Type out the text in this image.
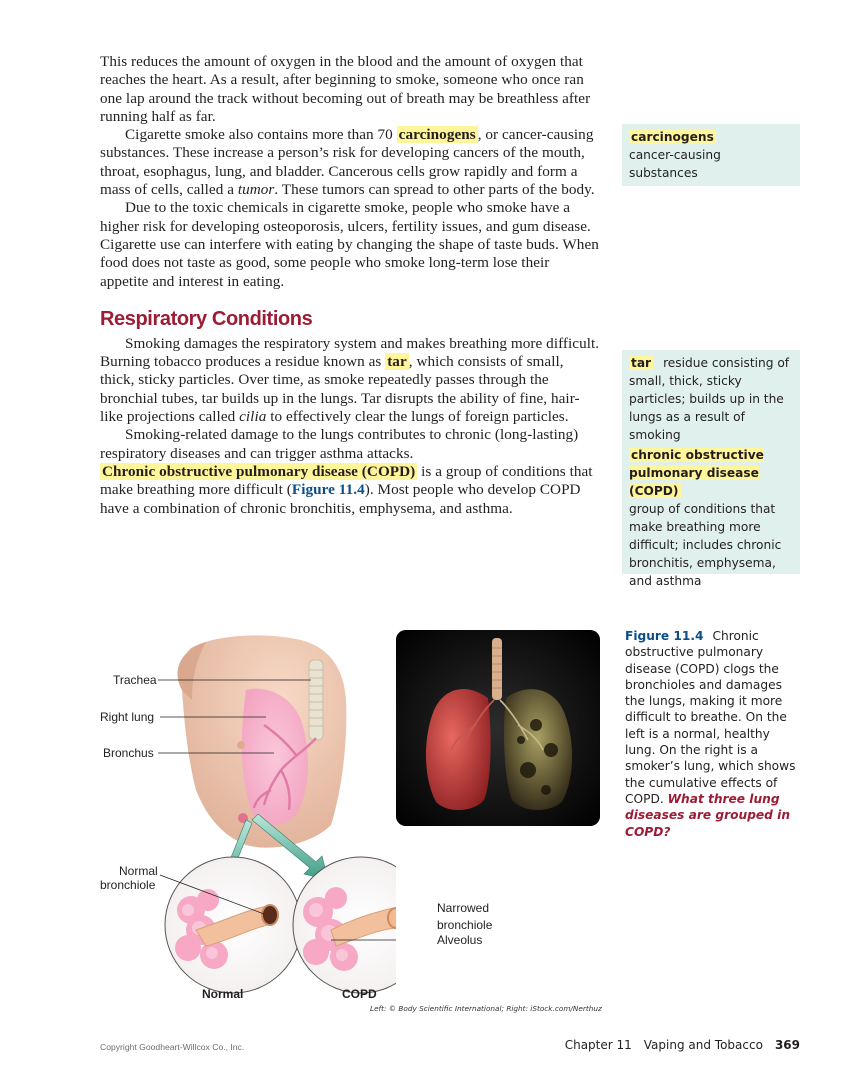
This reduces the amount of oxygen in the blood and the amount of oxygen that reaches the heart. As a result, after beginning to smoke, someone who once ran one lap around the track without becoming out of breath may be breathless after running half as far.

Cigarette smoke also contains more than 70 carcinogens , or cancer-causing substances. These increase a person’s risk for developing cancers of the mouth, throat, esophagus, lung, and bladder. Cancerous cells grow rapidly and form a mass of cells, called a tumor. These tumors can spread to other parts of the body.

Due to the toxic chemicals in cigarette smoke, people who smoke have a higher risk for developing osteoporosis, ulcers, fertility issues, and gum disease. Cigarette use can interfere with eating by changing the shape of taste buds. When food does not taste as good, some people who smoke long-term lose their appetite and interest in eating.

Respiratory Conditions

Smoking damages the respiratory system and makes breathing more difficult. Burning tobacco produces a residue known as tar , which consists of small, thick, sticky particles. Over time, as smoke repeatedly passes through the bronchial tubes, tar builds up in the lungs. Tar disrupts the ability of fine, hair-like projections called cilia to effectively clear the lungs of foreign particles.

Smoking-related damage to the lungs contributes to chronic (long-lasting) respiratory diseases and can trigger asthma attacks.
Chronic obstructive pulmonary disease (COPD) is a group of conditions that make breathing more difficult (Figure 11.4). Most people who develop COPD have a combination of chronic bronchitis, emphysema, and asthma.

carcinogens
cancer-causing substances
tar residue consisting of small, thick, sticky particles; builds up in the lungs as a result of smoking
chronic obstructive pulmonary disease (COPD)
group of conditions that make breathing more difficult; includes chronic bronchitis, emphysema, and asthma
Figure 11.4 Chronic obstructive pulmonary disease (COPD) clogs the bronchioles and damages the lungs, making it more difficult to breathe. On the left is a normal, healthy lung. On the right is a smoker’s lung, which shows the cumulative effects of COPD. What three lung diseases are grouped in COPD?
Trachea
Right lung
Bronchus
Normal
bronchiole
Normal	COPD
Narrowed
bronchiole
Alveolus
Left: © Body Scientific International; Right: iStock.com/Nerthuz
Copyright Goodheart-Willcox Co., Inc.	Chapter 11 Vaping and Tobacco 369
